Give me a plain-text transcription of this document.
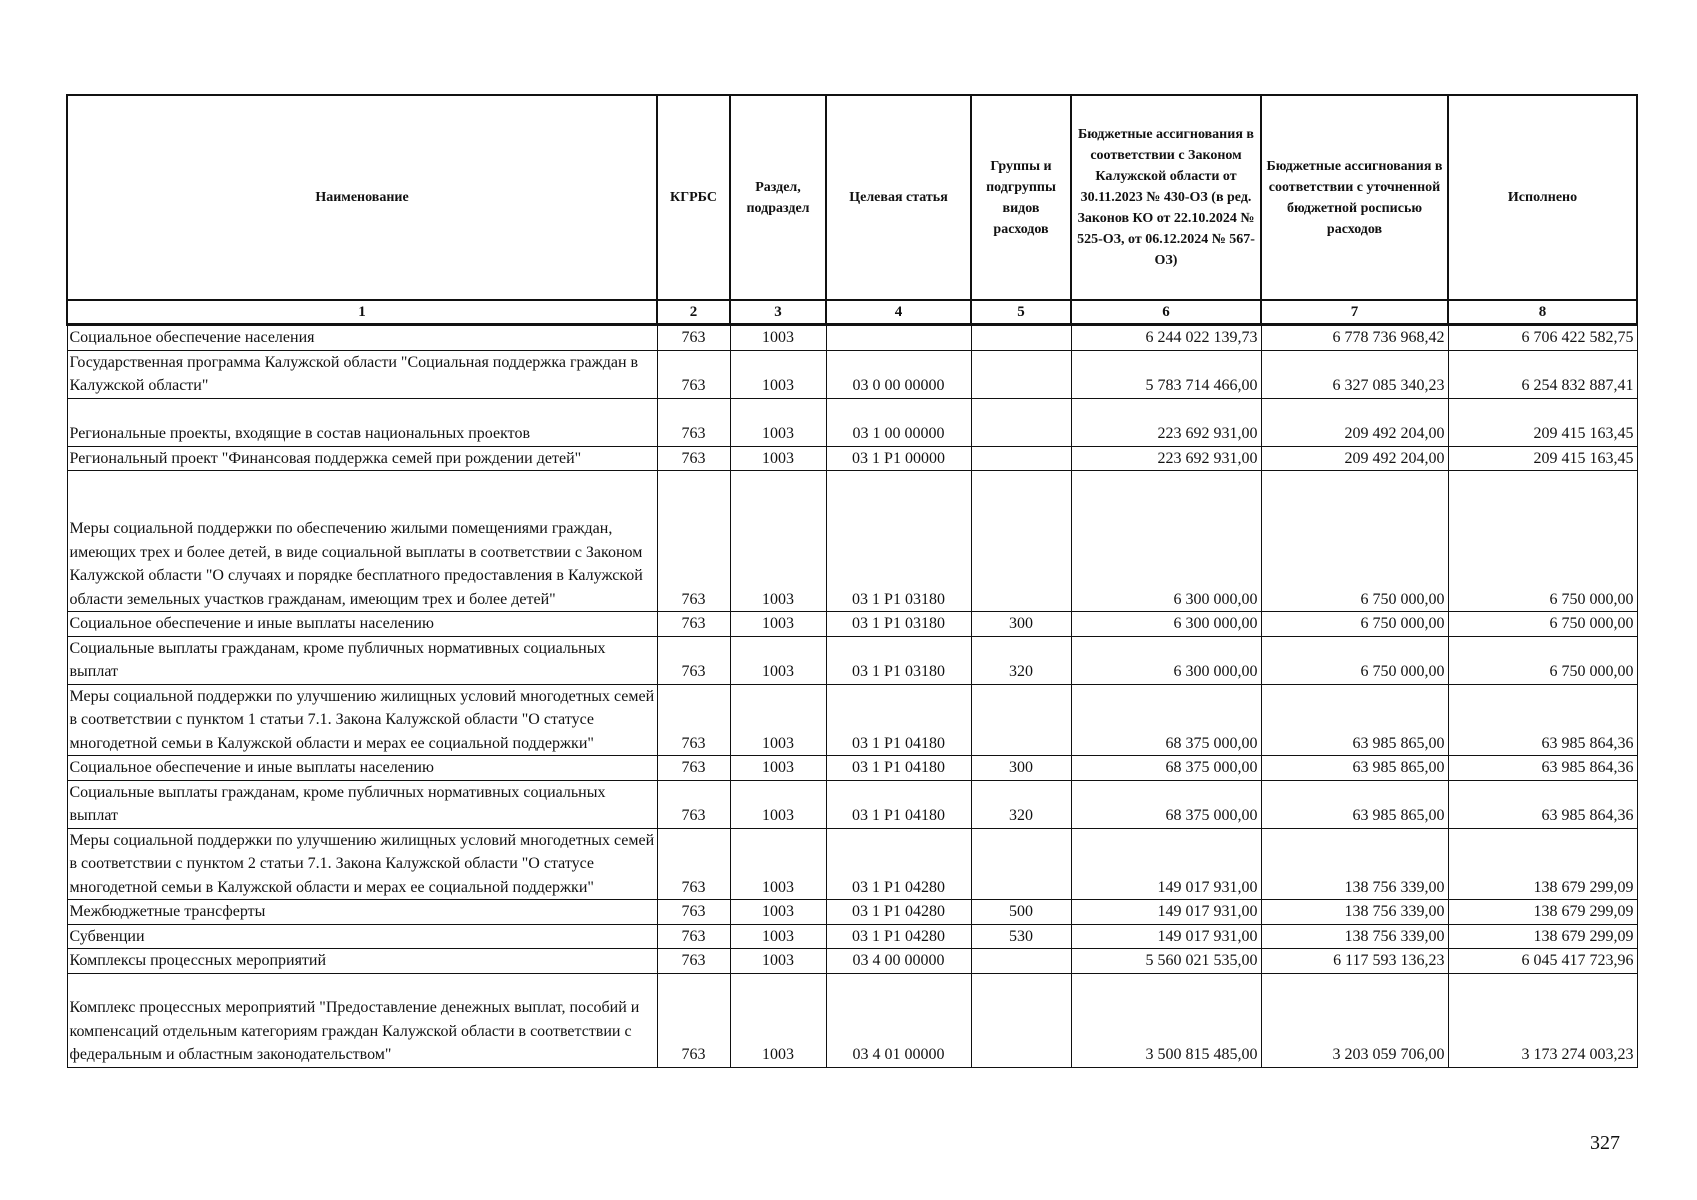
Наименование	КГРБС	Раздел, подраздел	Целевая статья	Группы и подгруппы видов расходов	Бюджетные ассигнования в соответствии с Законом Калужской области от 30.11.2023 № 430-ОЗ (в ред. Законов КО от 22.10.2024 № 525-ОЗ, от 06.12.2024 № 567-ОЗ)	Бюджетные ассигнования в соответствии с уточненной бюджетной росписью расходов	Исполнено
1	2	3	4	5	6	7	8
Социальное обеспечение населения	763	1003			6 244 022 139,73	6 778 736 968,42	6 706 422 582,75
Государственная программа Калужской области "Социальная поддержка граждан в Калужской области"	763	1003	03 0 00 00000		5 783 714 466,00	6 327 085 340,23	6 254 832 887,41
Региональные проекты, входящие в состав национальных проектов	763	1003	03 1 00 00000		223 692 931,00	209 492 204,00	209 415 163,45
Региональный проект "Финансовая поддержка семей при рождении детей"	763	1003	03 1 P1 00000		223 692 931,00	209 492 204,00	209 415 163,45
Меры социальной поддержки по обеспечению жилыми помещениями граждан, имеющих трех и более детей, в виде социальной выплаты в соответствии с Законом Калужской области "О случаях и порядке бесплатного предоставления в Калужской области земельных участков гражданам, имеющим трех и более детей"	763	1003	03 1 P1 03180		6 300 000,00	6 750 000,00	6 750 000,00
Социальное обеспечение и иные выплаты населению	763	1003	03 1 P1 03180	300	6 300 000,00	6 750 000,00	6 750 000,00
Социальные выплаты гражданам, кроме публичных нормативных социальных выплат	763	1003	03 1 P1 03180	320	6 300 000,00	6 750 000,00	6 750 000,00
Меры социальной поддержки по улучшению жилищных условий многодетных семей в соответствии с пунктом 1 статьи 7.1. Закона Калужской области "О статусе многодетной семьи в Калужской области и мерах ее социальной поддержки"	763	1003	03 1 P1 04180		68 375 000,00	63 985 865,00	63 985 864,36
Социальное обеспечение и иные выплаты населению	763	1003	03 1 P1 04180	300	68 375 000,00	63 985 865,00	63 985 864,36
Социальные выплаты гражданам, кроме публичных нормативных социальных выплат	763	1003	03 1 P1 04180	320	68 375 000,00	63 985 865,00	63 985 864,36
Меры социальной поддержки по улучшению жилищных условий многодетных семей в соответствии с пунктом 2 статьи 7.1. Закона Калужской области "О статусе многодетной семьи в Калужской области и мерах ее социальной поддержки"	763	1003	03 1 P1 04280		149 017 931,00	138 756 339,00	138 679 299,09
Межбюджетные трансферты	763	1003	03 1 P1 04280	500	149 017 931,00	138 756 339,00	138 679 299,09
Субвенции	763	1003	03 1 P1 04280	530	149 017 931,00	138 756 339,00	138 679 299,09
Комплексы процессных мероприятий	763	1003	03 4 00 00000		5 560 021 535,00	6 117 593 136,23	6 045 417 723,96
Комплекс процессных мероприятий "Предоставление денежных выплат, пособий и компенсаций отдельным категориям граждан Калужской области в соответствии с федеральным и областным законодательством"	763	1003	03 4 01 00000		3 500 815 485,00	3 203 059 706,00	3 173 274 003,23
327
